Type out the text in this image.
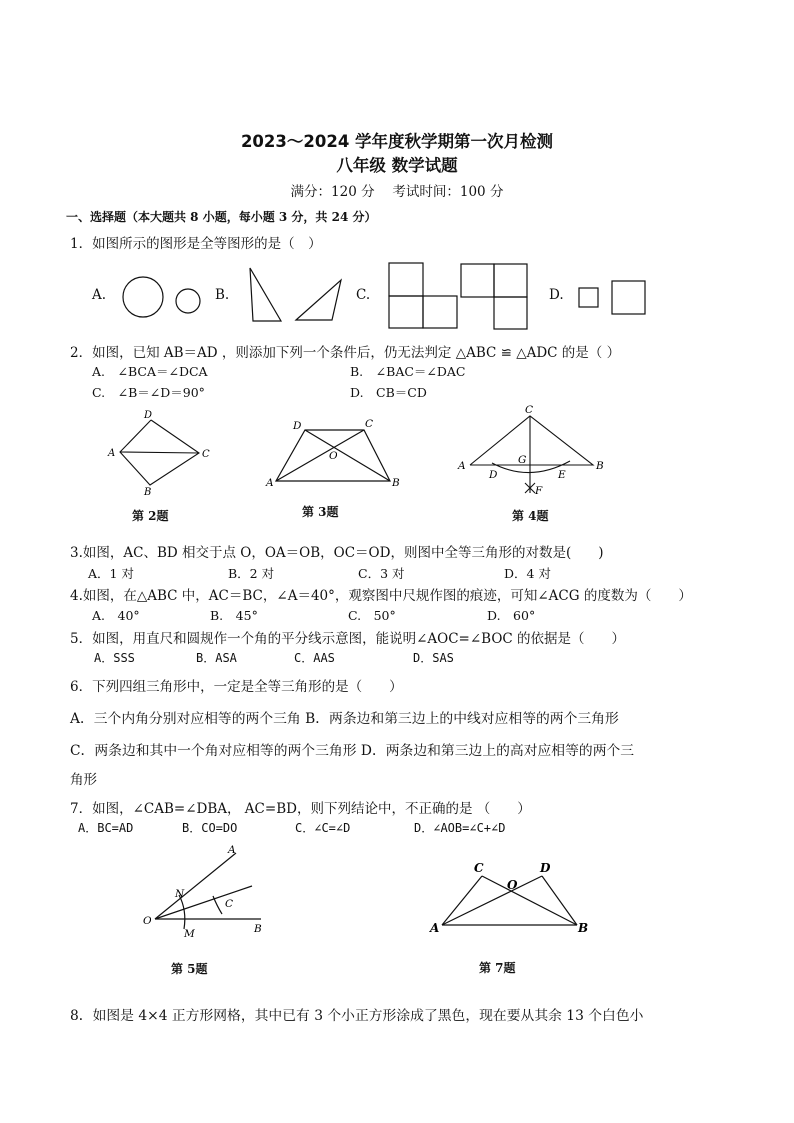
2023～2024 学年度秋学期第一次月检测
八年级 数学试题
满分：120 分　 考试时间：100 分
一、选择题（本大题共 8 小题，每小题 3 分，共 24 分）
1．如图所示的图形是全等图形的是（　）
A.	B.	C.	D.
2．如图，已知 AB＝AD ，则添加下列一个条件后，仍无法判定 △ABC ≌ △ADC 的是（ ）
A.　∠BCA＝∠DCA	B.　∠BAC＝∠DAC
C.　∠B＝∠D＝90°	D.　CB＝CD
D
A	C
B
D	C
O
A	B
C
A	B
G
D	E
F
第 2题	第 3题	第 4题
3.如图，AC、BD 相交于点 O，OA＝OB，OC＝OD，则图中全等三角形的对数是(　　)
A．1 对	B．2 对	C．3 对	D．4 对
4.如图，在△ABC 中，AC＝BC，∠A＝40°，观察图中尺规作图的痕迹，可知∠ACG 的度数为（　　）
A.　40°	B.　45°	C.　50°	D.　60°
5．如图，用直尺和圆规作一个角的平分线示意图，能说明∠AOC=∠BOC 的依据是（　　）
A．SSS	B．ASA	C．AAS	D．SAS
6．下列四组三角形中，一定是全等三角形的是（　　）
A．三个内角分别对应相等的两个三角 B．两条边和第三边上的中线对应相等的两个三角形
C．两条边和其中一个角对应相等的两个三角形 D．两条边和第三边上的高对应相等的两个三
角形
7．如图，∠CAB=∠DBA， AC=BD，则下列结论中，不正确的是 （　　）
A．BC=AD	B．CO=DO	C．∠C=∠D	D．∠AOB=∠C+∠D
A
N
C
O
M	B
C	D
O
A	B
第 5题	第 7题
8．如图是 4×4 正方形网格，其中已有 3 个小正方形涂成了黑色，现在要从其余 13 个白色小
